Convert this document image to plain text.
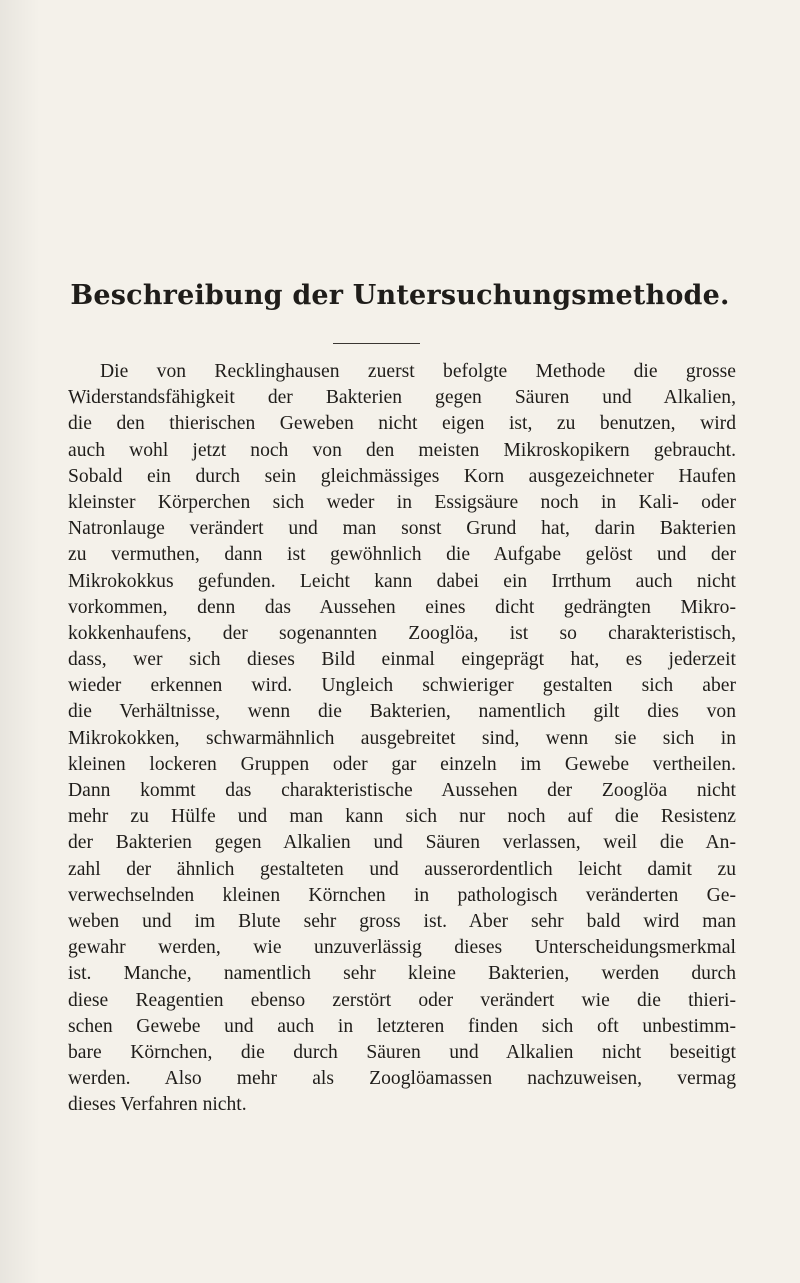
Beschreibung der Untersuchungsmethode.
Die von Recklinghausen zuerst befolgte Methode die grosse
Widerstandsfähigkeit der Bakterien gegen Säuren und Alkalien,
die den thierischen Geweben nicht eigen ist, zu benutzen, wird
auch wohl jetzt noch von den meisten Mikroskopikern gebraucht.
Sobald ein durch sein gleichmässiges Korn ausgezeichneter Haufen
kleinster Körperchen sich weder in Essigsäure noch in Kali- oder
Natronlauge verändert und man sonst Grund hat, darin Bakterien
zu vermuthen, dann ist gewöhnlich die Aufgabe gelöst und der
Mikrokokkus gefunden. Leicht kann dabei ein Irrthum auch nicht
vorkommen, denn das Aussehen eines dicht gedrängten Mikro-
kokkenhaufens, der sogenannten Zooglöa, ist so charakteristisch,
dass, wer sich dieses Bild einmal eingeprägt hat, es jederzeit
wieder erkennen wird. Ungleich schwieriger gestalten sich aber
die Verhältnisse, wenn die Bakterien, namentlich gilt dies von
Mikrokokken, schwarmähnlich ausgebreitet sind, wenn sie sich in
kleinen lockeren Gruppen oder gar einzeln im Gewebe vertheilen.
Dann kommt das charakteristische Aussehen der Zooglöa nicht
mehr zu Hülfe und man kann sich nur noch auf die Resistenz
der Bakterien gegen Alkalien und Säuren verlassen, weil die An-
zahl der ähnlich gestalteten und ausserordentlich leicht damit zu
verwechselnden kleinen Körnchen in pathologisch veränderten Ge-
weben und im Blute sehr gross ist. Aber sehr bald wird man
gewahr werden, wie unzuverlässig dieses Unterscheidungsmerkmal
ist. Manche, namentlich sehr kleine Bakterien, werden durch
diese Reagentien ebenso zerstört oder verändert wie die thieri-
schen Gewebe und auch in letzteren finden sich oft unbestimm-
bare Körnchen, die durch Säuren und Alkalien nicht beseitigt
werden. Also mehr als Zooglöamassen nachzuweisen, vermag
dieses Verfahren nicht.
